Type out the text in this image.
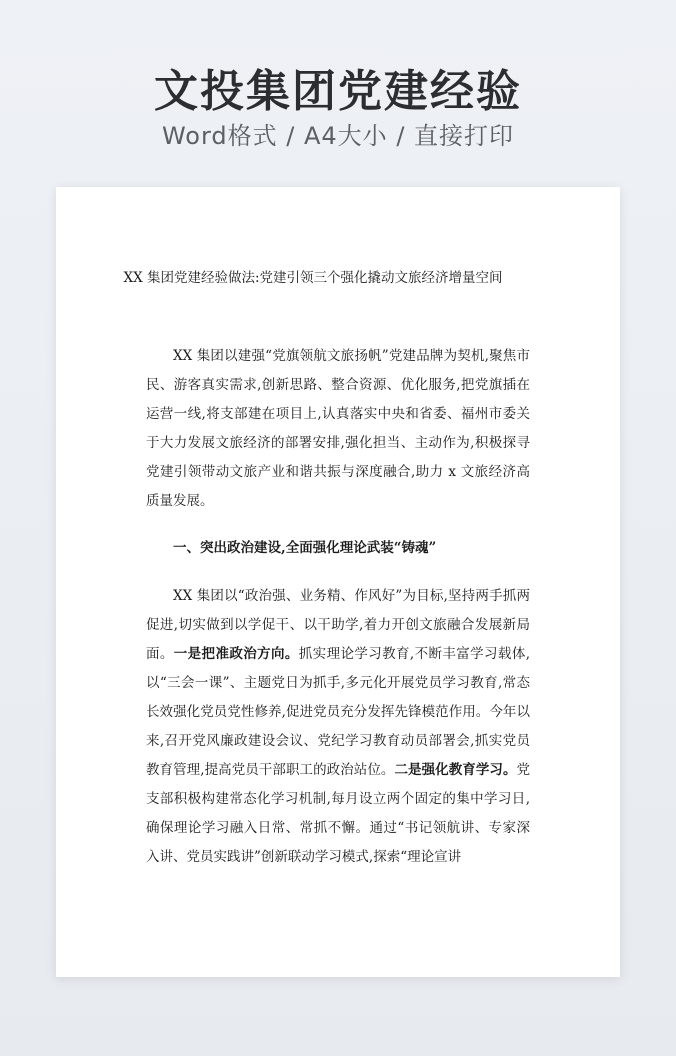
文投集团党建经验
Word格式 / A4大小 / 直接打印
XX 集团党建经验做法:党建引领三个强化撬动文旅经济增量空间

XX 集团以建强“党旗领航文旅扬帆”党建品牌为契机,聚焦市民、游客真实需求,创新思路、整合资源、优化服务,把党旗插在运营一线,将支部建在项目上,认真落实中央和省委、福州市委关于大力发展文旅经济的部署安排,强化担当、主动作为,积极探寻党建引领带动文旅产业和谐共振与深度融合,助力 x 文旅经济高质量发展。

一、突出政治建设,全面强化理论武装“铸魂”

XX 集团以“政治强、业务精、作风好”为目标,坚持两手抓两促进,切实做到以学促干、以干助学,着力开创文旅融合发展新局面。一是把准政治方向。抓实理论学习教育,不断丰富学习载体,以“三会一课”、主题党日为抓手,多元化开展党员学习教育,常态长效强化党员党性修养,促进党员充分发挥先锋模范作用。今年以来,召开党风廉政建设会议、党纪学习教育动员部署会,抓实党员教育管理,提高党员干部职工的政治站位。二是强化教育学习。党支部积极构建常态化学习机制,每月设立两个固定的集中学习日,确保理论学习融入日常、常抓不懈。通过“书记领航讲、专家深入讲、党员实践讲”创新联动学习模式,探索“理论宣讲
